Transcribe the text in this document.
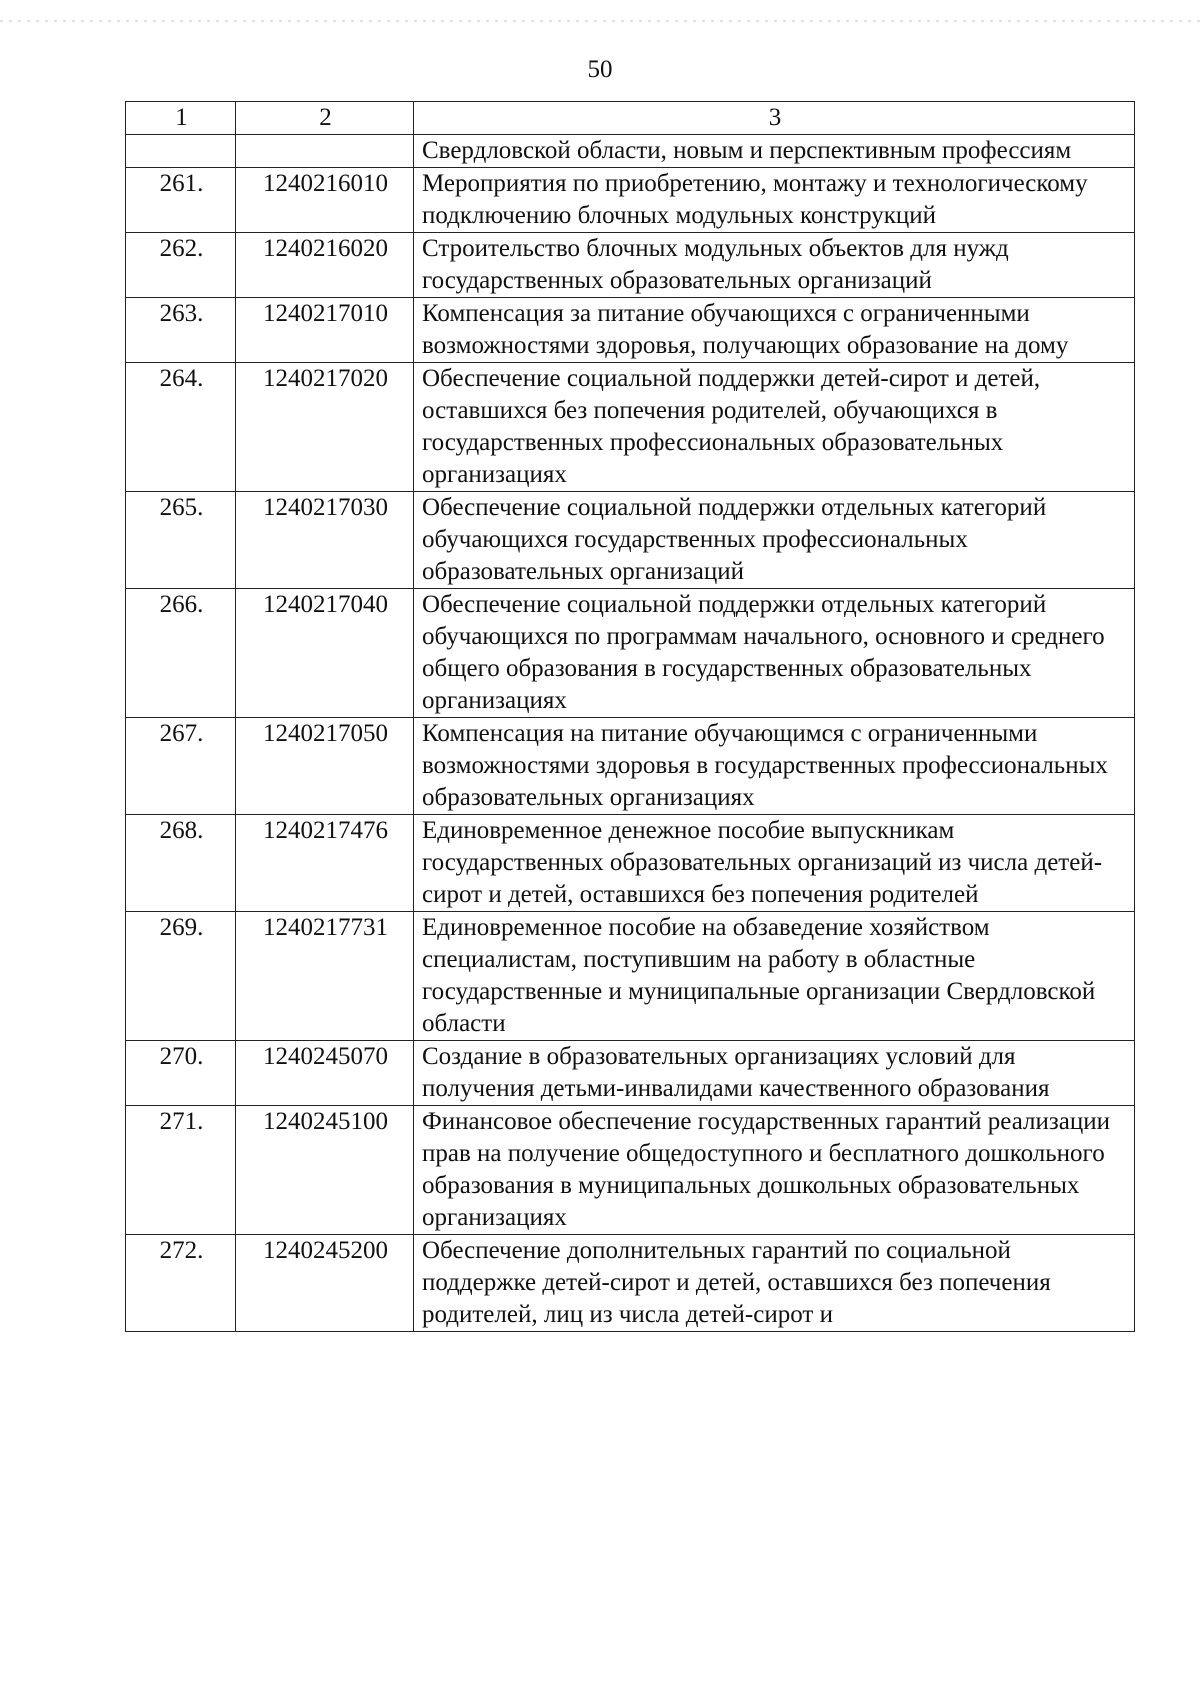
50
1	2	3
		Свердловской области, новым и перспективным профессиям
261.	1240216010	Мероприятия по приобретению, монтажу и технологическому подключению блочных модульных конструкций
262.	1240216020	Строительство блочных модульных объектов для нужд государственных образовательных организаций
263.	1240217010	Компенсация за питание обучающихся с ограниченными возможностями здоровья, получающих образование на дому
264.	1240217020	Обеспечение социальной поддержки детей-сирот и детей, оставшихся без попечения родителей, обучающихся в государственных профессиональных образовательных организациях
265.	1240217030	Обеспечение социальной поддержки отдельных категорий обучающихся государственных профессиональных образовательных организаций
266.	1240217040	Обеспечение социальной поддержки отдельных категорий обучающихся по программам начального, основного и среднего общего образования в государственных образовательных организациях
267.	1240217050	Компенсация на питание обучающимся с ограниченными возможностями здоровья в государственных профессиональных образовательных организациях
268.	1240217476	Единовременное денежное пособие выпускникам государственных образовательных организаций из числа детей-сирот и детей, оставшихся без попечения родителей
269.	1240217731	Единовременное пособие на обзаведение хозяйством специалистам, поступившим на работу в областные государственные и муниципальные организации Свердловской области
270.	1240245070	Создание в образовательных организациях условий для получения детьми-инвалидами качественного образования
271.	1240245100	Финансовое обеспечение государственных гарантий реализации прав на получение общедоступного и бесплатного дошкольного образования в муниципальных дошкольных образовательных организациях
272.	1240245200	Обеспечение дополнительных гарантий по социальной поддержке детей-сирот и детей, оставшихся без попечения родителей, лиц из числа детей-сирот и
